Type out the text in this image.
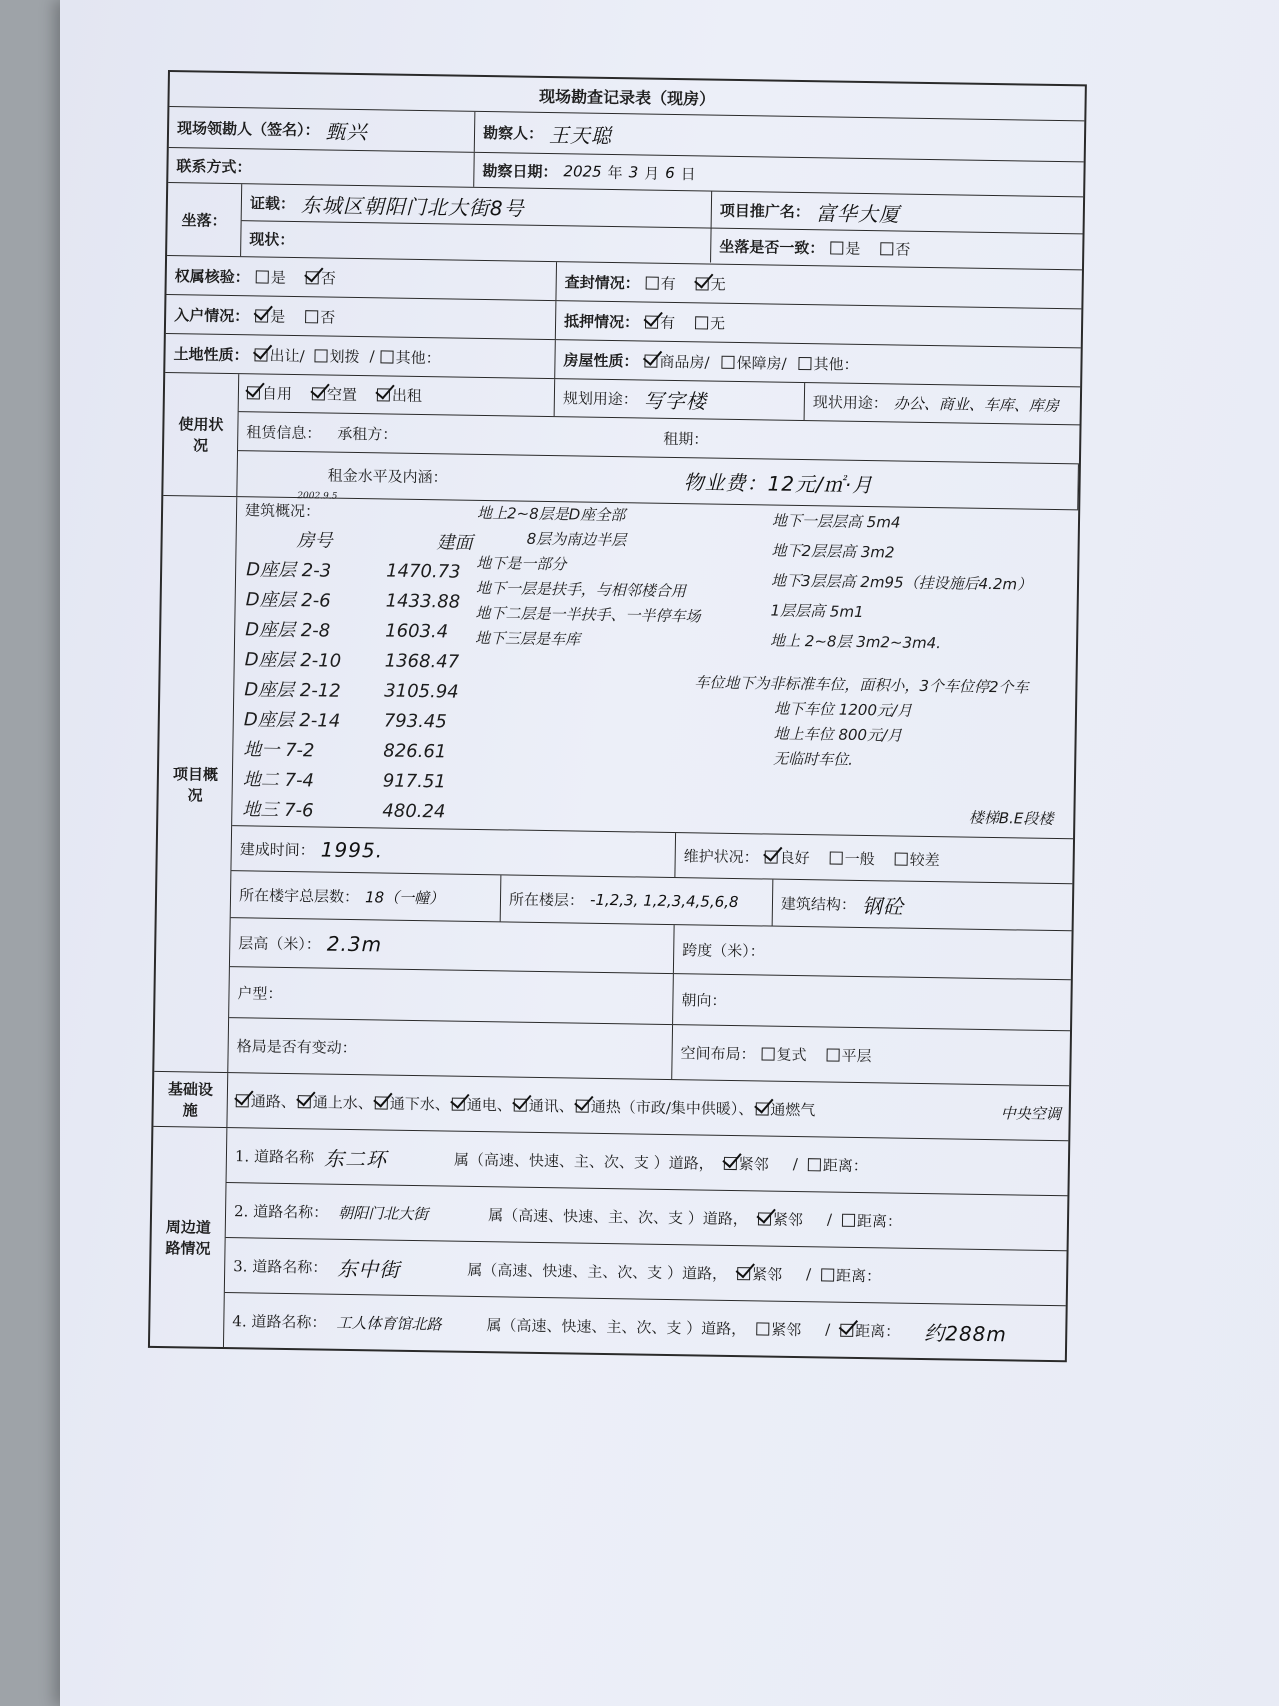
现场勘查记录表（现房）
现场领勘人（签名）： 甄兴	勘察人： 王天聪
联系方式：	勘察日期： 2025 年 3 月 6 日
坐落：
证载： 东城区朝阳门北大街8号	项目推广名： 富华大厦
现状：	坐落是否一致： 是 否
权属核验： 是 否	查封情况： 有 无
入户情况： 是 否	抵押情况： 有 无
土地性质： 出让/ 划拨 / 其他：	房屋性质： 商品房/ 保障房/ 其他：
使用状况
自用 空置 出租	规划用途： 写字楼	现状用途： 办公、商业、车库、库房
租赁信息： 承租方：	租期：
租金水平及内涵：	物业费：12元/㎡·月
2002.9.5
项目概况
建筑概况：
房号	建面
D座层 2-3	1470.73
D座层 2-6	1433.88
D座层 2-8	1603.4
D座层 2-10	1368.47
D座层 2-12	3105.94
D座层 2-14	793.45
地一 7-2	826.61
地二 7-4	917.51
地三 7-6	480.24
地上2~8层是D座全部
8层为南边半层
地下是一部分
地下一层是扶手，与相邻楼合用
地下二层是一半扶手、一半停车场
地下三层是车库
地下一层层高 5m4
地下2层层高 3m2
地下3层层高 2m95（挂设施后4.2m）
1层层高 5m1
地上 2~8层 3m2~3m4.
车位地下为非标准车位，面积小，3个车位停2个车
地下车位 1200元/月
地上车位 800元/月
无临时车位.
楼梯B.E段楼
建成时间： 1995.	维护状况： 良好 一般 较差
所在楼宇总层数： 18（一幢）	所在楼层： -1,2,3, 1,2,3,4,5,6,8	建筑结构： 钢砼
层高（米）： 2.3m	跨度（米）：
户型：	朝向：
格局是否有变动：	空间布局： 复式 平层
基础设施	通路、 通上水、 通下水、 通电、 通讯、 通热（市政/集中供暖）、 通燃气	中央空调
周边道路情况
1. 道路名称 东二环	属（高速、快速、主、次、支 ）道路， 紧邻 / 距离：
2. 道路名称： 朝阳门北大街	属（高速、快速、主、次、支 ）道路， 紧邻 / 距离：
3. 道路名称： 东中街	属（高速、快速、主、次、支 ）道路， 紧邻 / 距离：
4. 道路名称： 工人体育馆北路	属（高速、快速、主、次、支 ）道路， 紧邻 / 距离： 约288m
